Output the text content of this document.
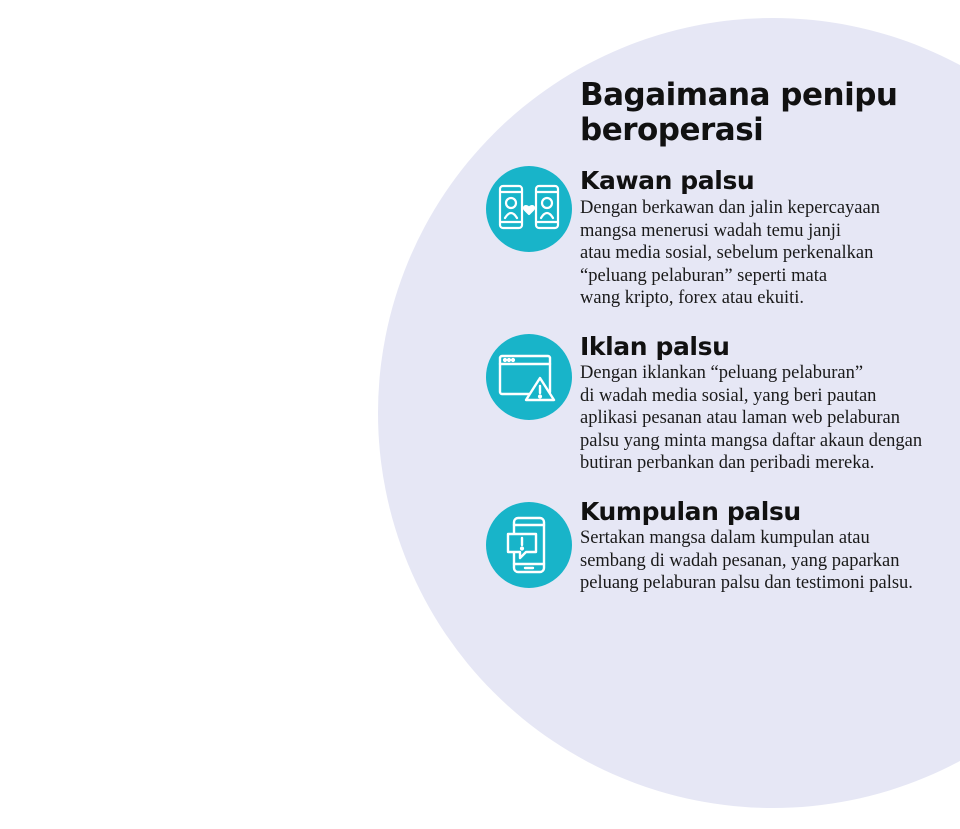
Bagaimana penipu
beroperasi
Kawan palsu

Dengan berkawan dan jalin kepercayaan
mangsa menerusi wadah temu janji
atau media sosial, sebelum perkenalkan
“peluang pelaburan” seperti mata
wang kripto, forex atau ekuiti.

Iklan palsu

Dengan iklankan “peluang pelaburan”
di wadah media sosial, yang beri pautan
aplikasi pesanan atau laman web pelaburan
palsu yang minta mangsa daftar akaun dengan
butiran perbankan dan peribadi mereka.

Kumpulan palsu

Sertakan mangsa dalam kumpulan atau
sembang di wadah pesanan, yang paparkan
peluang pelaburan palsu dan testimoni palsu.
